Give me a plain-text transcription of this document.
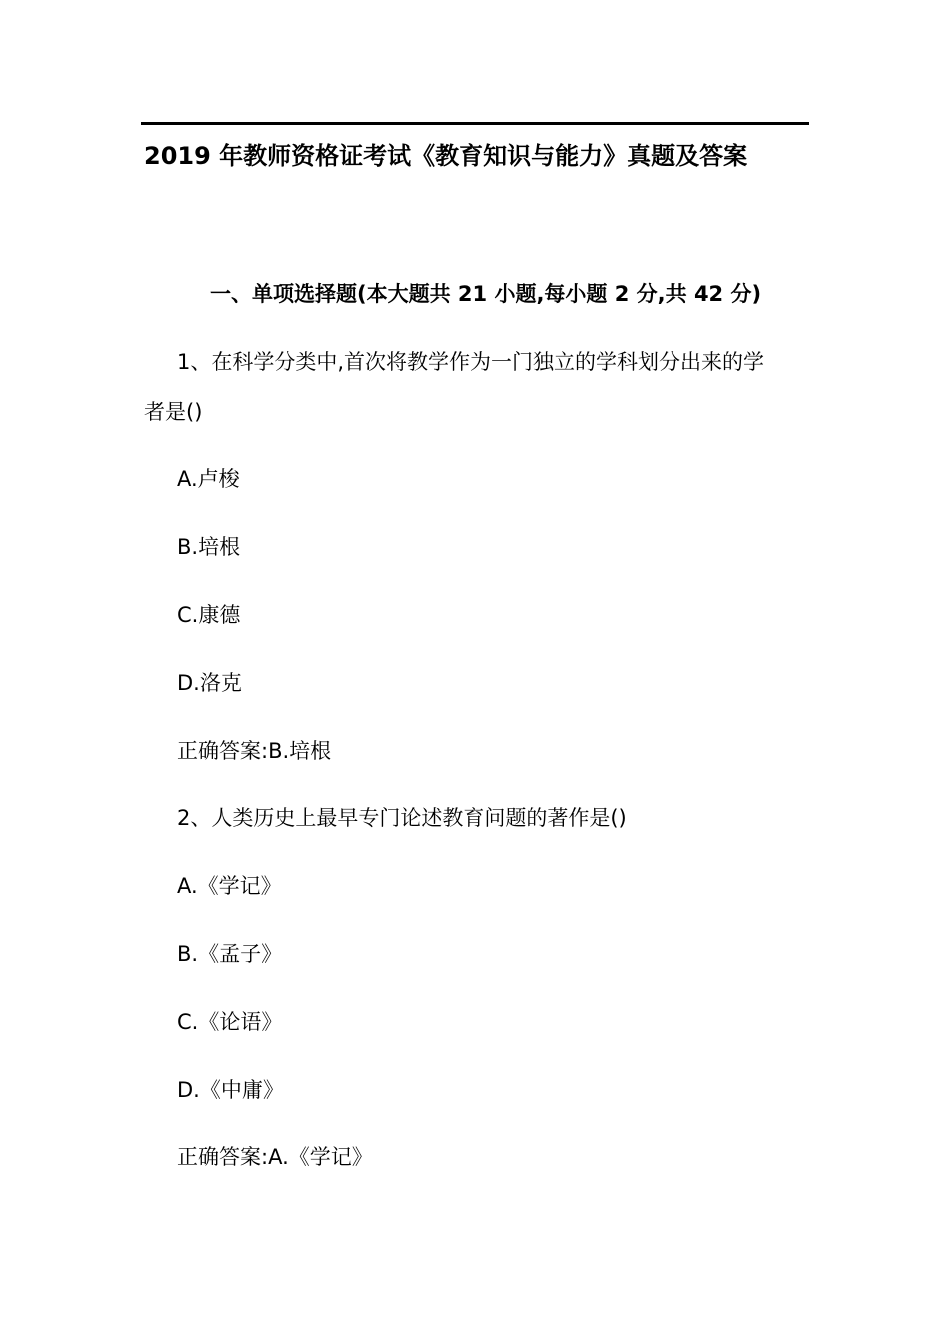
2019 年教师资格证考试《教育知识与能力》真题及答案
一、单项选择题(本大题共 21 小题,每小题 2 分,共 42 分)
1、在科学分类中,首次将教学作为一门独立的学科划分出来的学
者是()
A.卢梭
B.培根
C.康德
D.洛克
正确答案:B.培根
2、人类历史上最早专门论述教育问题的著作是()
A.《学记》
B.《孟子》
C.《论语》
D.《中庸》
正确答案:A.《学记》
